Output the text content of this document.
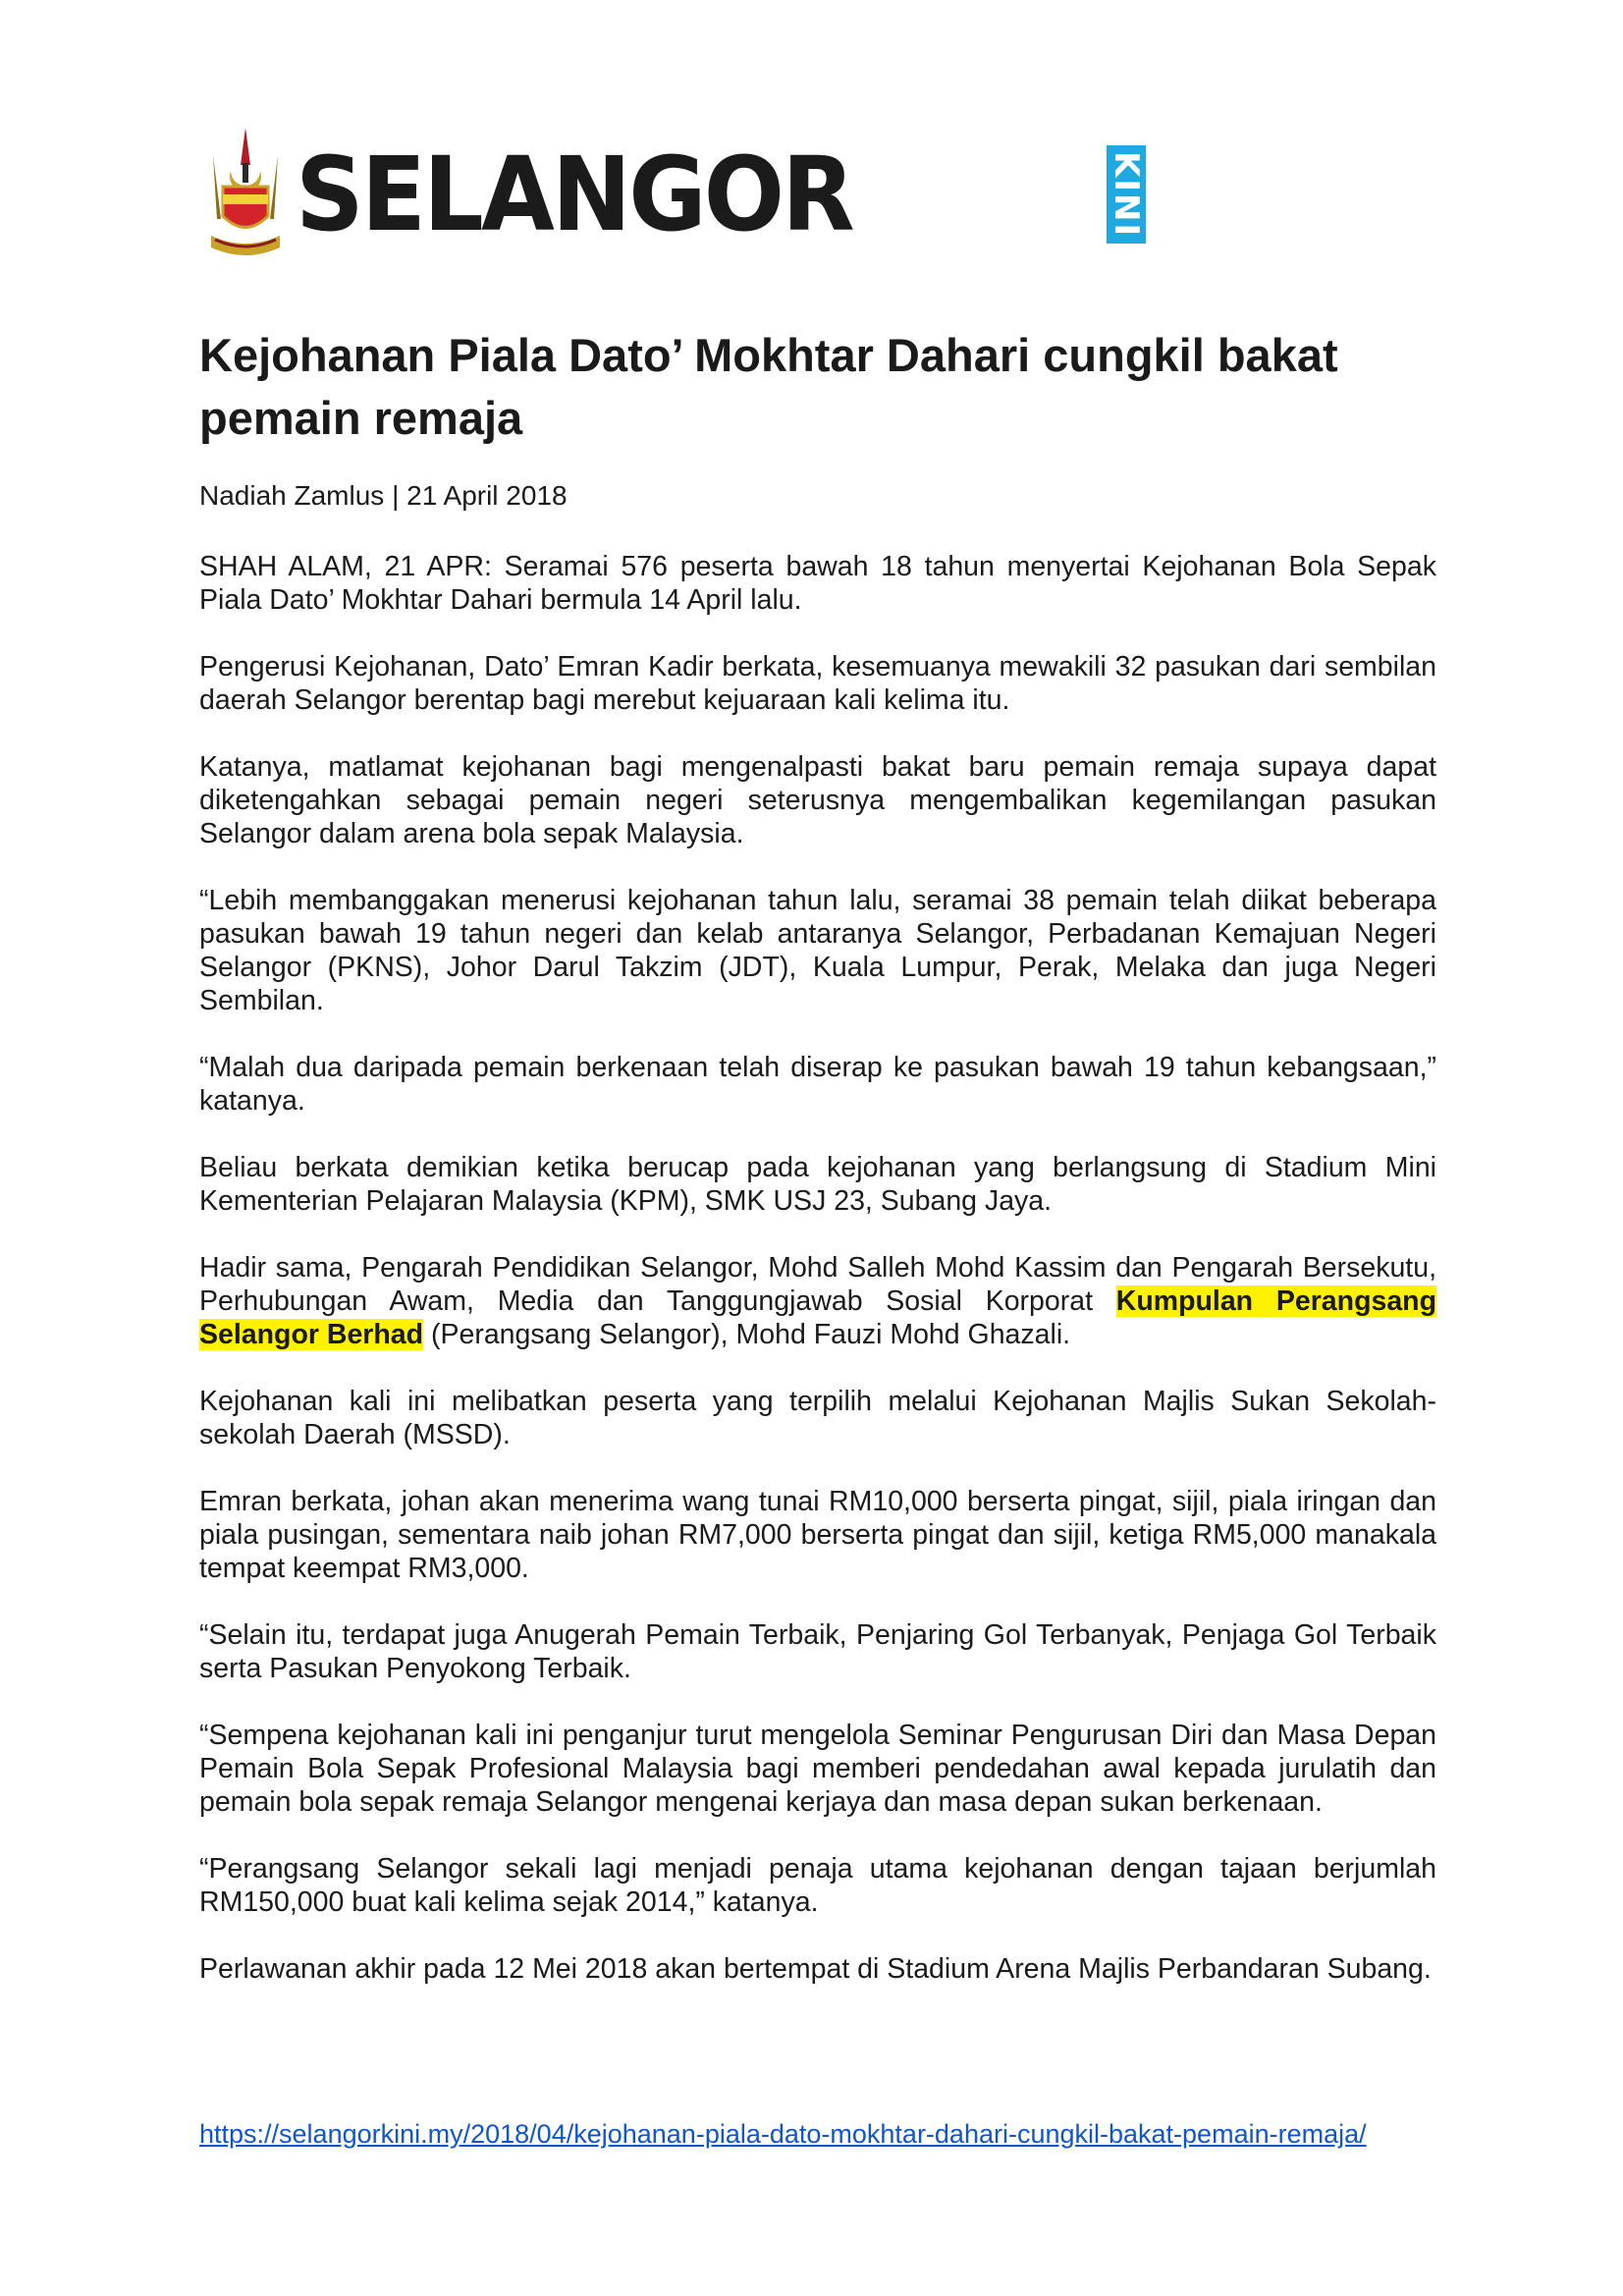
SELANGOR	KINI
Kejohanan Piala Dato’ Mokhtar Dahari cungkil bakat pemain remaja
Nadiah Zamlus | 21 April 2018

SHAH ALAM, 21 APR: Seramai 576 peserta bawah 18 tahun menyertai Kejohanan Bola Sepak Piala Dato’ Mokhtar Dahari bermula 14 April lalu.

Pengerusi Kejohanan, Dato’ Emran Kadir berkata, kesemuanya mewakili 32 pasukan dari sembilan daerah Selangor berentap bagi merebut kejuaraan kali kelima itu.

Katanya, matlamat kejohanan bagi mengenalpasti bakat baru pemain remaja supaya dapat diketengahkan sebagai pemain negeri seterusnya mengembalikan kegemilangan pasukan Selangor dalam arena bola sepak Malaysia.

“Lebih membanggakan menerusi kejohanan tahun lalu, seramai 38 pemain telah diikat beberapa pasukan bawah 19 tahun negeri dan kelab antaranya Selangor, Perbadanan Kemajuan Negeri Selangor (PKNS), Johor Darul Takzim (JDT), Kuala Lumpur, Perak, Melaka dan juga Negeri Sembilan.

“Malah dua daripada pemain berkenaan telah diserap ke pasukan bawah 19 tahun kebangsaan,” katanya.

Beliau berkata demikian ketika berucap pada kejohanan yang berlangsung di Stadium Mini Kementerian Pelajaran Malaysia (KPM), SMK USJ 23, Subang Jaya.

Hadir sama, Pengarah Pendidikan Selangor, Mohd Salleh Mohd Kassim dan Pengarah Bersekutu, Perhubungan Awam, Media dan Tanggungjawab Sosial Korporat Kumpulan Perangsang Selangor Berhad (Perangsang Selangor), Mohd Fauzi Mohd Ghazali.

Kejohanan kali ini melibatkan peserta yang terpilih melalui Kejohanan Majlis Sukan Sekolah-sekolah Daerah (MSSD).

Emran berkata, johan akan menerima wang tunai RM10,000 berserta pingat, sijil, piala iringan dan piala pusingan, sementara naib johan RM7,000 berserta pingat dan sijil, ketiga RM5,000 manakala tempat keempat RM3,000.

“Selain itu, terdapat juga Anugerah Pemain Terbaik, Penjaring Gol Terbanyak, Penjaga Gol Terbaik serta Pasukan Penyokong Terbaik.

“Sempena kejohanan kali ini penganjur turut mengelola Seminar Pengurusan Diri dan Masa Depan Pemain Bola Sepak Profesional Malaysia bagi memberi pendedahan awal kepada jurulatih dan pemain bola sepak remaja Selangor mengenai kerjaya dan masa depan sukan berkenaan.

“Perangsang Selangor sekali lagi menjadi penaja utama kejohanan dengan tajaan berjumlah RM150,000 buat kali kelima sejak 2014,” katanya.

Perlawanan akhir pada 12 Mei 2018 akan bertempat di Stadium Arena Majlis Perbandaran Subang.

https://selangorkini.my/2018/04/kejohanan-piala-dato-mokhtar-dahari-cungkil-bakat-pemain-remaja/
